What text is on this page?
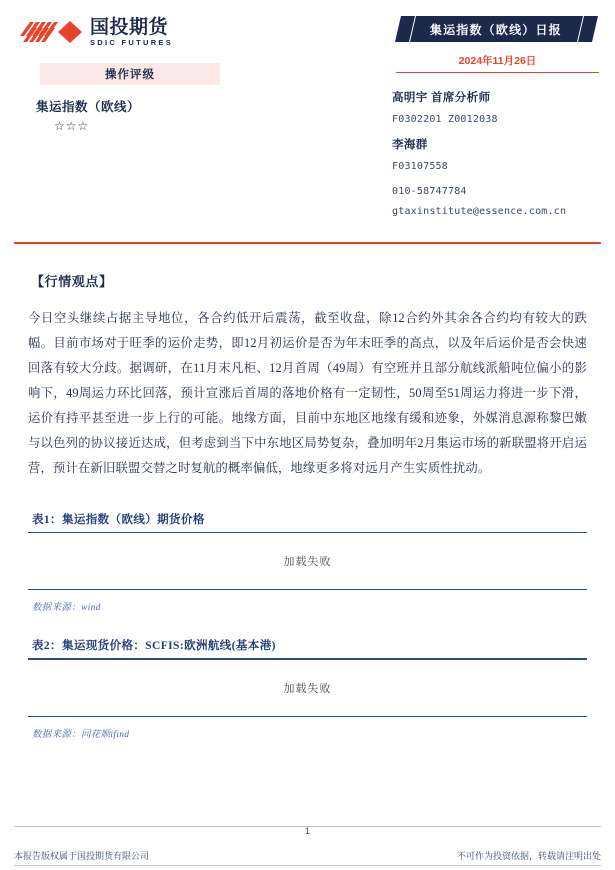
国投期货
SDIC FUTURES
操作评级
集运指数（欧线）
☆☆☆
集运指数（欧线）日报
2024年11月26日
高明宇 首席分析师
F0302201 Z0012038
李海群
F03107558
010-58747784
gtaxinstitute@essence.com.cn
【行情观点】

今日空头继续占据主导地位，各合约低开后震荡，截至收盘，除12合约外其余各合约均有较大的跌幅。目前市场对于旺季的运价走势，即12月初运价是否为年末旺季的高点，以及年后运价是否会快速回落有较大分歧。据调研，在11月末凡柜、12月首周（49周）有空班并且部分航线派船吨位偏小的影响下，49周运力环比回落，预计宣涨后首周的落地价格有一定韧性，50周至51周运力将进一步下滑，运价有持平甚至进一步上行的可能。地缘方面，目前中东地区地缘有缓和迹象，外媒消息源称黎巴嫩与以色列的协议接近达成，但考虑到当下中东地区局势复杂，叠加明年2月集运市场的新联盟将开启运营，预计在新旧联盟交替之时复航的概率偏低，地缘更多将对远月产生实质性扰动。

表1：集运指数（欧线）期货价格
加载失败
数据来源：wind
表2：集运现货价格：SCFIS:欧洲航线(基本港)
加载失败
数据来源：同花顺ifind
1
本报告版权属于国投期货有限公司	不可作为投资依据，转载请注明出处
